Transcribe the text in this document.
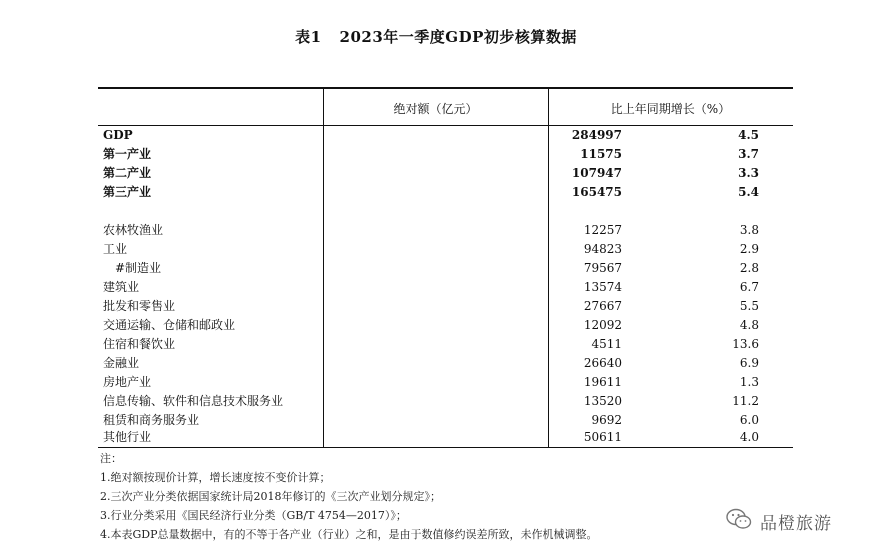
表1 2023年一季度GDP初步核算数据
绝对额（亿元）	比上年同期增长（%）
GDP	284997	4.5
第一产业	11575	3.7
第二产业	107947	3.3
第三产业	165475	5.4
农林牧渔业	12257	3.8
工业	94823	2.9
#制造业	79567	2.8
建筑业	13574	6.7
批发和零售业	27667	5.5
交通运输、仓储和邮政业	12092	4.8
住宿和餐饮业	4511	13.6
金融业	26640	6.9
房地产业	19611	1.3
信息传输、软件和信息技术服务业	13520	11.2
租赁和商务服务业	9692	6.0
其他行业	50611	4.0
注：
1.绝对额按现价计算，增长速度按不变价计算；
2.三次产业分类依据国家统计局2018年修订的《三次产业划分规定》；
3.行业分类采用《国民经济行业分类（GB/T 4754—2017）》；
4.本表GDP总量数据中，有的不等于各产业（行业）之和，是由于数值修约误差所致，未作机械调整。
品橙旅游
